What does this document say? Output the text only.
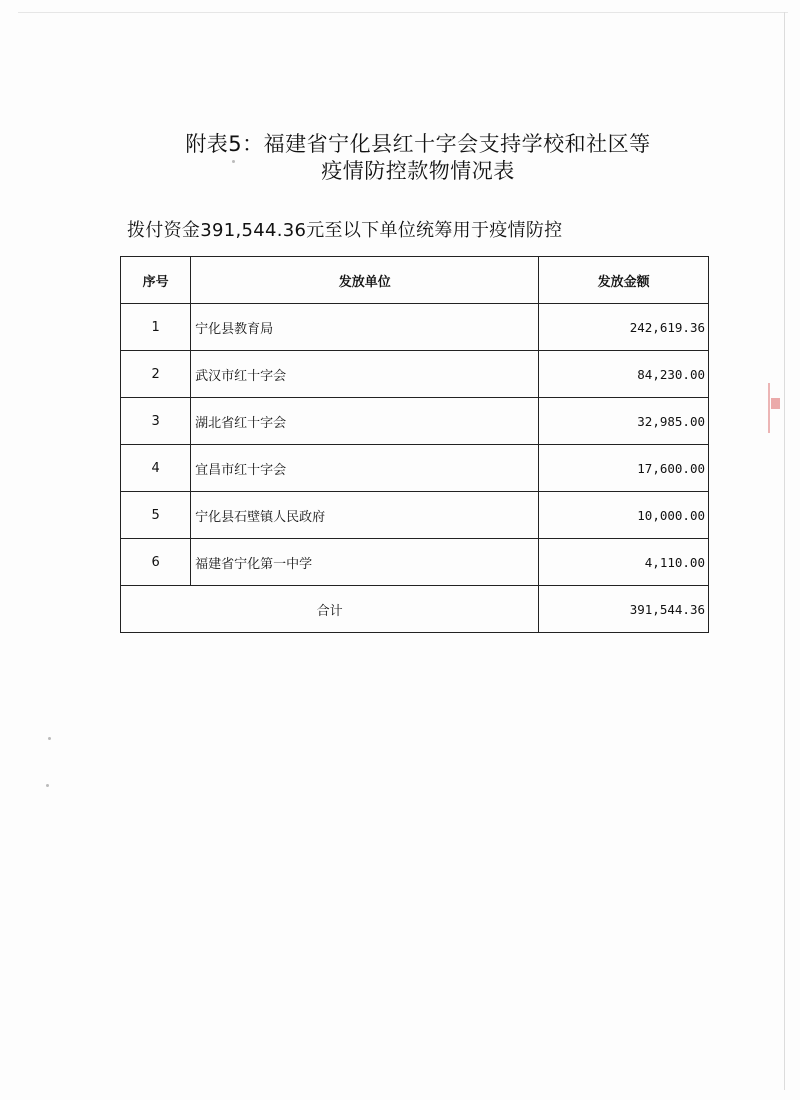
附表5：福建省宁化县红十字会支持学校和社区等
疫情防控款物情况表
拨付资金391,544.36元至以下单位统筹用于疫情防控
序号	发放单位	发放金额
1	宁化县教育局	242,619.36
2	武汉市红十字会	84,230.00
3	湖北省红十字会	32,985.00
4	宜昌市红十字会	17,600.00
5	宁化县石壁镇人民政府	10,000.00
6	福建省宁化第一中学	4,110.00
合计		391,544.36
